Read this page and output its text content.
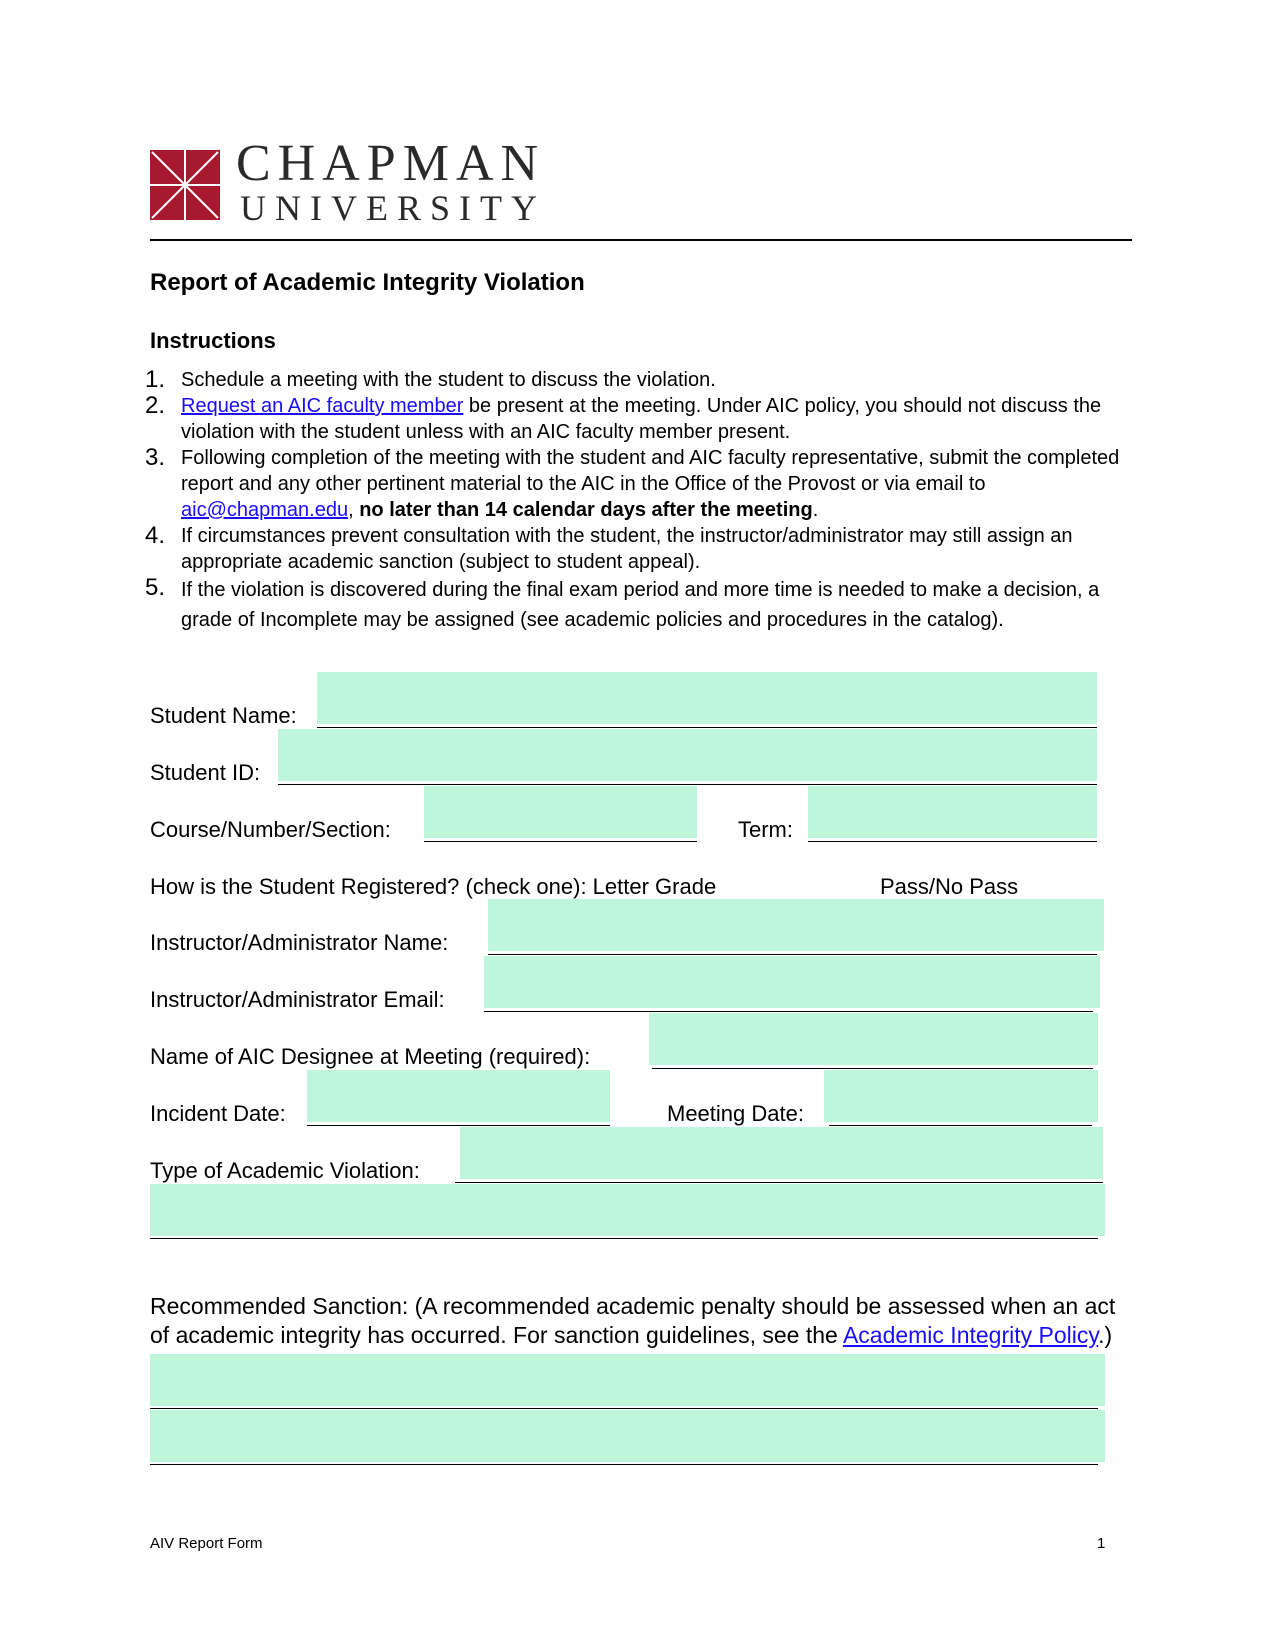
CHAPMAN
UNIVERSITY
Report of Academic Integrity Violation
Instructions
1. Schedule a meeting with the student to discuss the violation.
2. Request an AIC faculty member be present at the meeting. Under AIC policy, you should not discuss the violation with the student unless with an AIC faculty member present.
3. Following completion of the meeting with the student and AIC faculty representative, submit the completed report and any other pertinent material to the AIC in the Office of the Provost or via email to aic@chapman.edu, no later than 14 calendar days after the meeting.
4. If circumstances prevent consultation with the student, the instructor/administrator may still assign an appropriate academic sanction (subject to student appeal).
5. If the violation is discovered during the final exam period and more time is needed to make a decision, a grade of Incomplete may be assigned (see academic policies and procedures in the catalog).
Student Name:
Student ID:
Course/Number/Section:	Term:
How is the Student Registered? (check one): Letter Grade	Pass/No Pass
Instructor/Administrator Name:
Instructor/Administrator Email:
Name of AIC Designee at Meeting (required):
Incident Date:	Meeting Date:
Type of Academic Violation:
Recommended Sanction: (A recommended academic penalty should be assessed when an act of academic integrity has occurred. For sanction guidelines, see the Academic Integrity Policy.)
AIV Report Form	1
